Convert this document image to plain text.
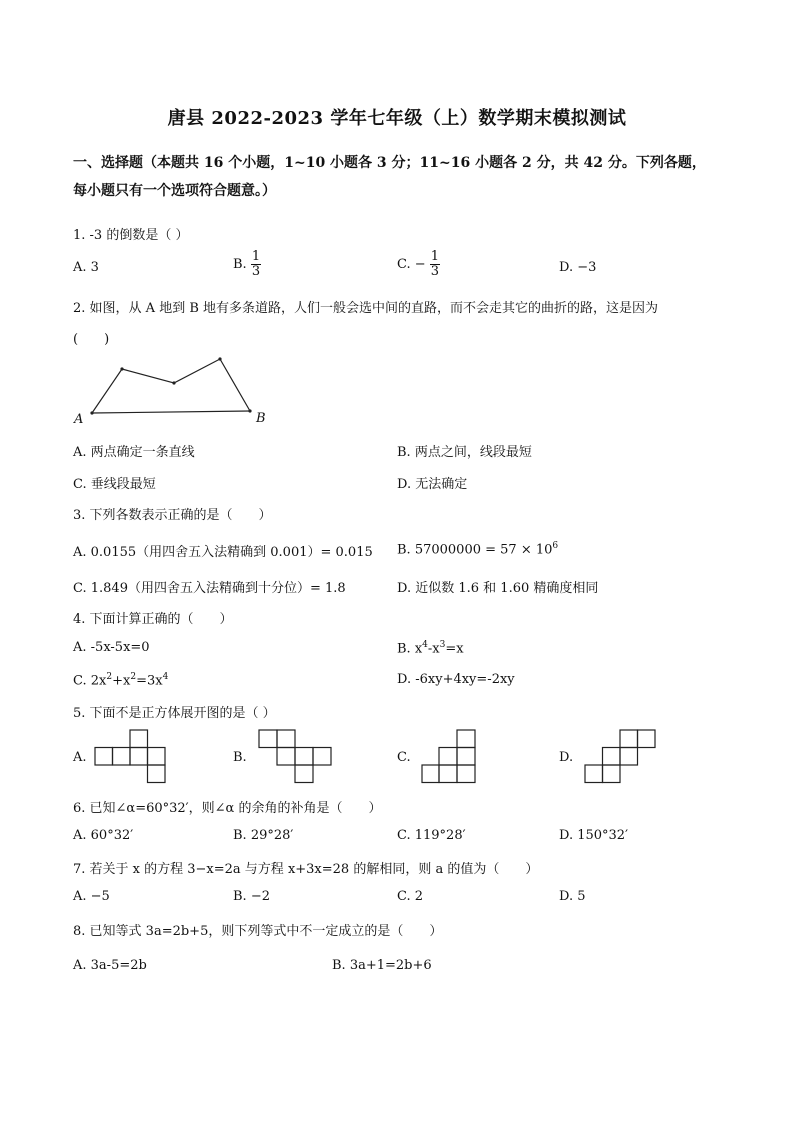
唐县 2022-2023 学年七年级（上）数学期末模拟测试
一、选择题（本题共 16 个小题，1~10 小题各 3 分；11~16 小题各 2 分，共 42 分。下列各题，
每小题只有一个选项符合题意。）
1. -3 的倒数是（ ）
A. 3	B. $\frac{1}{3}$	C. − $\frac{1}{3}$	D. −3
2. 如图，从 A 地到 B 地有多条道路，人们一般会选中间的直路，而不会走其它的曲折的路，这是因为
(　　)
A	B
A. 两点确定一条直线	B. 两点之间，线段最短
C. 垂线段最短	D. 无法确定
3. 下列各数表示正确的是（　　）
A. 0.0155（用四舍五入法精确到 0.001）= 0.015 B. $57000000 = 57 \times 10^6$
C. 1.849（用四舍五入法精确到十分位）= 1.8	D. 近似数 1.6 和 1.60 精确度相同
4. 下面计算正确的（　　）
A. -5x-5x=0	B. $x^4-x^3=x$
C. $2x^2+x^2=3x^4$	D. -6xy+4xy=-2xy
5. 下面不是正方体展开图的是（ ）
A.	B.	C.	D.
6. 已知∠α=60°32′，则∠α 的余角的补角是（　　）
A. 60°32′	B. 29°28′	C. 119°28′	D. 150°32′
7. 若关于 x 的方程 3−x=2a 与方程 x+3x=28 的解相同，则 a 的值为（　　）
A. −5	B. −2	C. 2	D. 5
8. 已知等式 3a=2b+5，则下列等式中不一定成立的是（　　）
A. 3a-5=2b	B. 3a+1=2b+6
